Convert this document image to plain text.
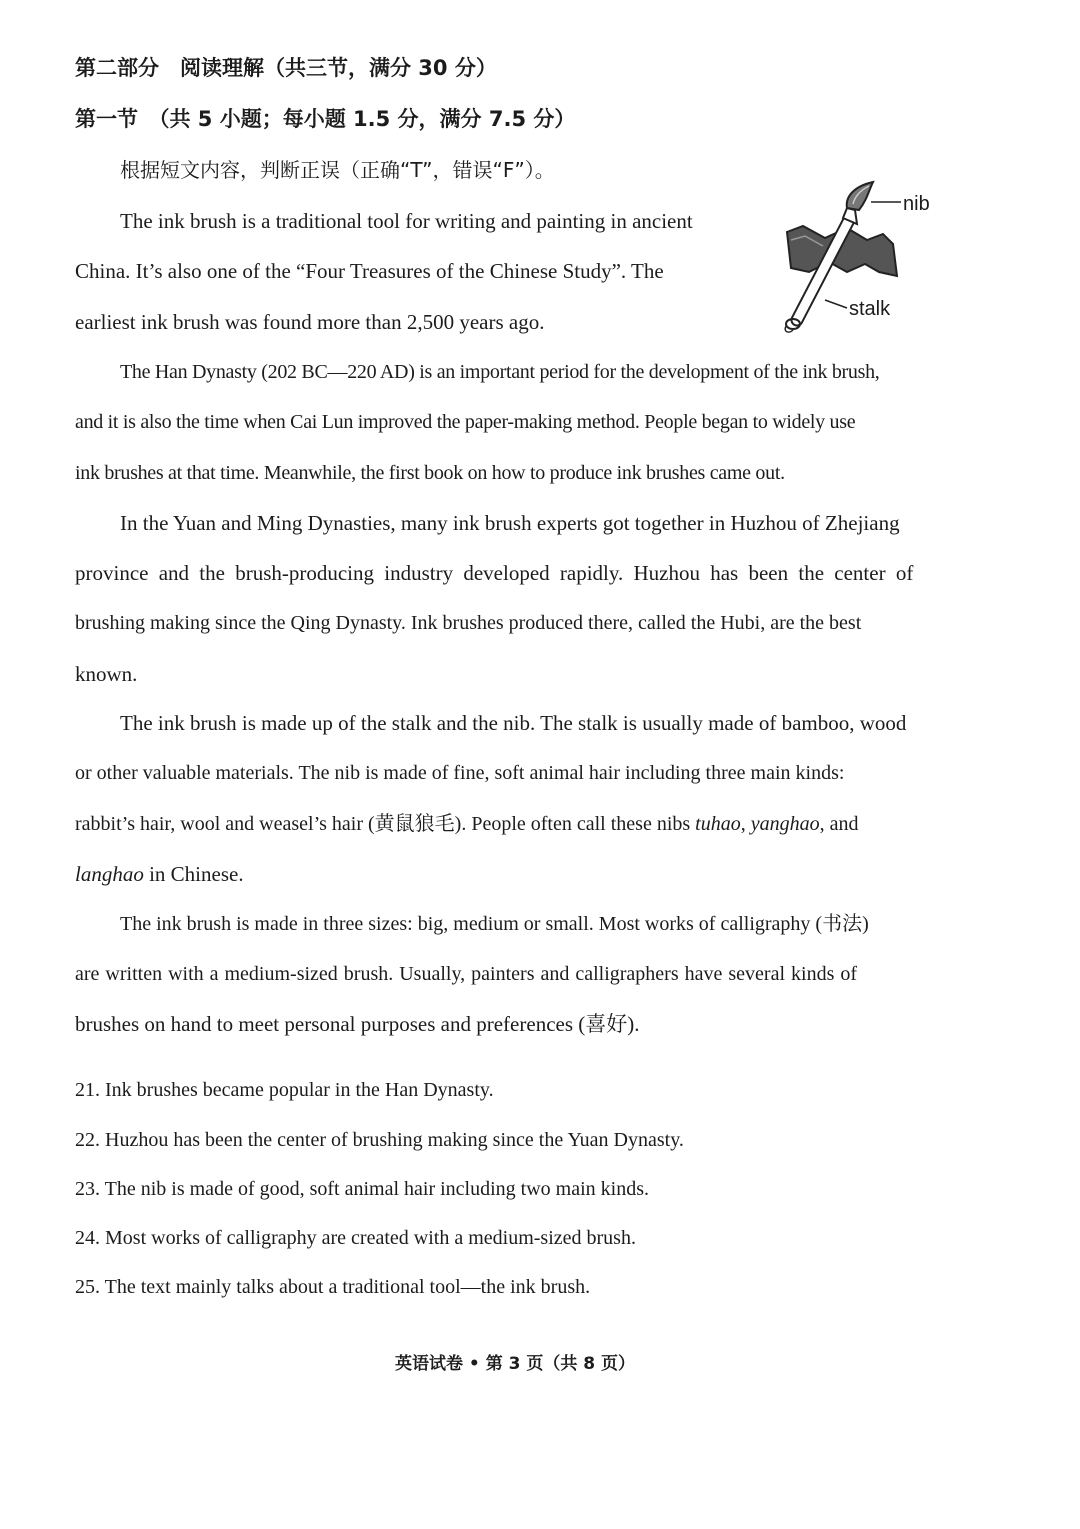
第二部分　阅读理解（共三节，满分 30 分）
第一节　（共 5 小题；每小题 1.5 分，满分 7.5 分）
根据短文内容，判断正误（正确“T”，错误“F”）。
nib
stalk
The ink brush is a traditional tool for writing and painting in ancient
China. It’s also one of the “Four Treasures of the Chinese Study”. The
earliest ink brush was found more than 2,500 years ago.
The Han Dynasty (202 BC—220 AD) is an important period for the development of the ink brush,
and it is also the time when Cai Lun improved the paper-making method. People began to widely use
ink brushes at that time. Meanwhile, the first book on how to produce ink brushes came out.
In the Yuan and Ming Dynasties, many ink brush experts got together in Huzhou of Zhejiang
province and the brush-producing industry developed rapidly. Huzhou has been the center of
brushing making since the Qing Dynasty. Ink brushes produced there, called the Hubi, are the best
known.
The ink brush is made up of the stalk and the nib. The stalk is usually made of bamboo, wood
or other valuable materials. The nib is made of fine, soft animal hair including three main kinds:
rabbit’s hair, wool and weasel’s hair (黄鼠狼毛). People often call these nibs tuhao, yanghao, and
langhao in Chinese.
The ink brush is made in three sizes: big, medium or small. Most works of calligraphy (书法)
are written with a medium-sized brush. Usually, painters and calligraphers have several kinds of
brushes on hand to meet personal purposes and preferences (喜好).
21. Ink brushes became popular in the Han Dynasty.
22. Huzhou has been the center of brushing making since the Yuan Dynasty.
23. The nib is made of good, soft animal hair including two main kinds.
24. Most works of calligraphy are created with a medium-sized brush.
25. The text mainly talks about a traditional tool—the ink brush.
英语试卷 • 第 3 页（共 8 页）
